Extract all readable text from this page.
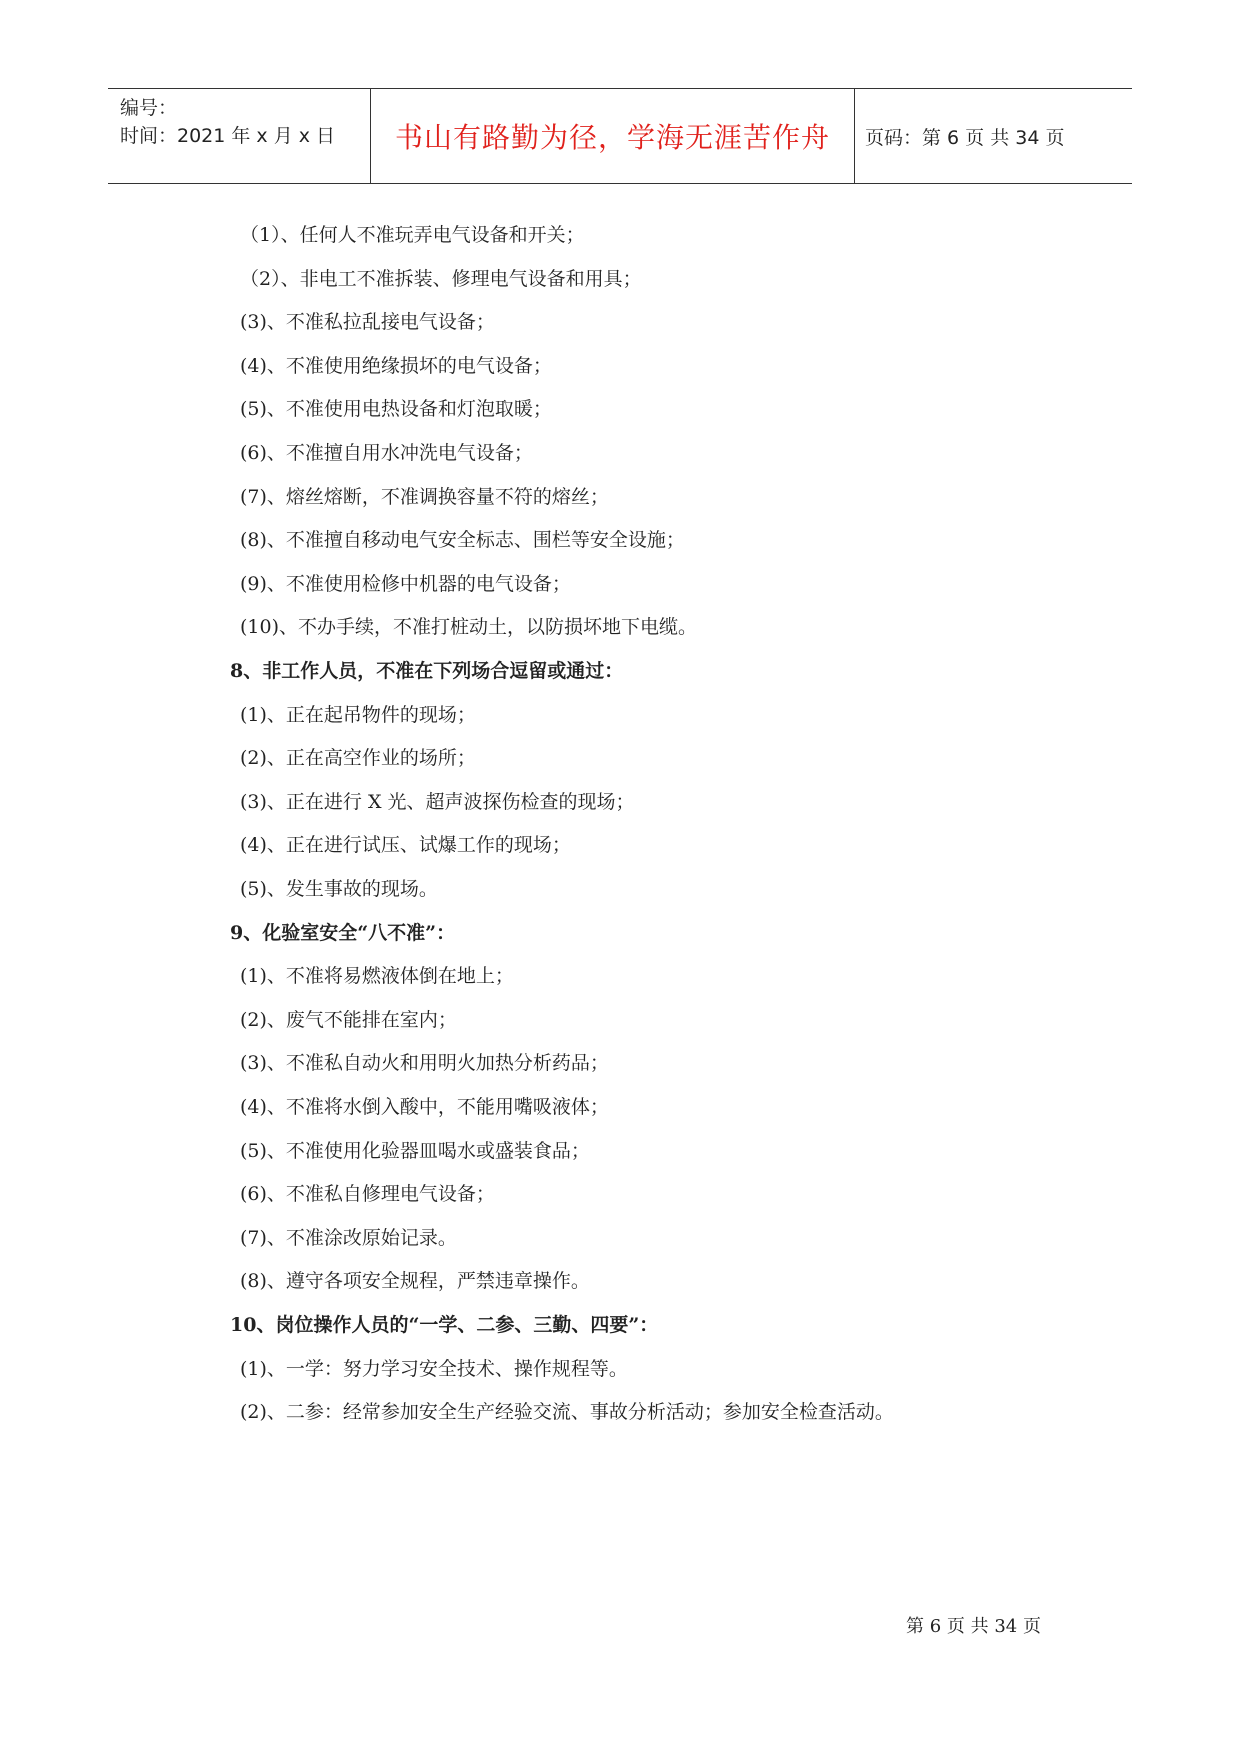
编号：
时间：2021 年 x 月 x 日 书山有路勤为径，学海无涯苦作舟 页码：第 6 页 共 34 页
（1）、任何人不准玩弄电气设备和开关；
（2）、非电工不准拆装、修理电气设备和用具；
(3)、不准私拉乱接电气设备；
(4)、不准使用绝缘损坏的电气设备；
(5)、不准使用电热设备和灯泡取暖；
(6)、不准擅自用水冲洗电气设备；
(7)、熔丝熔断，不准调换容量不符的熔丝；
(8)、不准擅自移动电气安全标志、围栏等安全设施；
(9)、不准使用检修中机器的电气设备；
(10)、不办手续，不准打桩动土，以防损坏地下电缆。
8、非工作人员，不准在下列场合逗留或通过：
(1)、正在起吊物件的现场；
(2)、正在高空作业的场所；
(3)、正在进行 X 光、超声波探伤检查的现场；
(4)、正在进行试压、试爆工作的现场；
(5)、发生事故的现场。
9、化验室安全“八不准”：
(1)、不准将易燃液体倒在地上；
(2)、废气不能排在室内；
(3)、不准私自动火和用明火加热分析药品；
(4)、不准将水倒入酸中，不能用嘴吸液体；
(5)、不准使用化验器皿喝水或盛装食品；
(6)、不准私自修理电气设备；
(7)、不准涂改原始记录。
(8)、遵守各项安全规程，严禁违章操作。
10、岗位操作人员的“一学、二参、三勤、四要”：
(1)、一学：努力学习安全技术、操作规程等。
(2)、二参：经常参加安全生产经验交流、事故分析活动；参加安全检查活动。
第 6 页 共 34 页
